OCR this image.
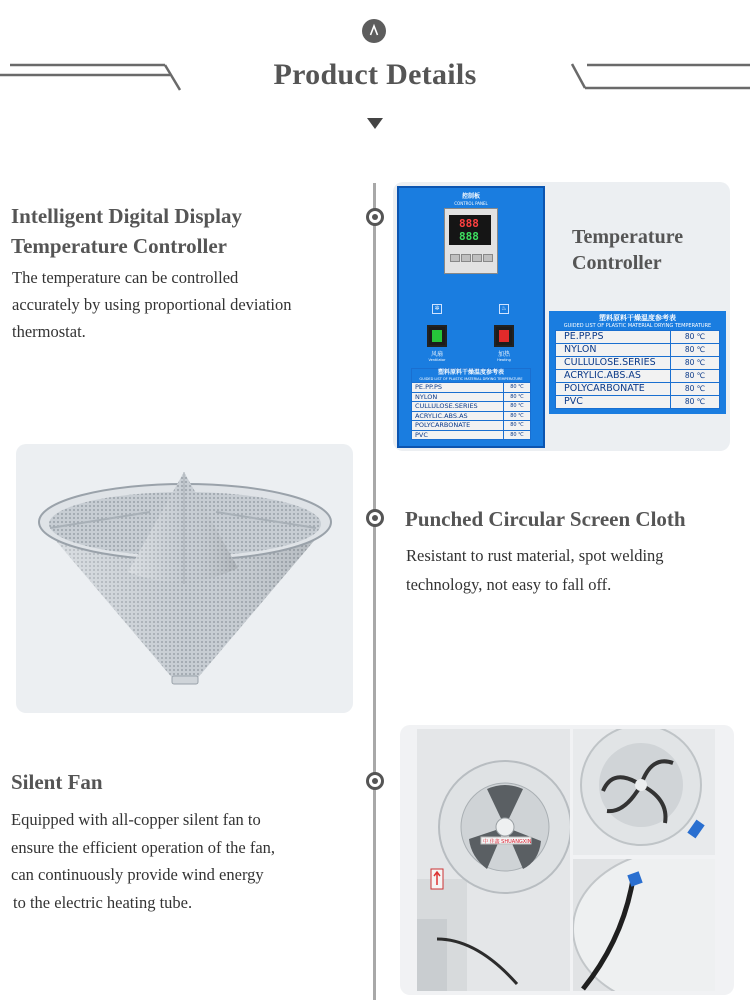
Product Details
Intelligent Digital Display
Temperature Controller
The temperature can be controlled
accurately by using proportional deviation
thermostat.
控制板
CONTROL PANEL
888
888
✲	♨
风扇
Ventilator
加热
Heating
塑料原料干燥温度参考表
GUIDED LIST OF PLASTIC MATERIAL DRYING TEMPERATURE
PE.PP.PS	80 ℃
NYLON	80 ℃
CULLULOSE.SERIES	80 ℃
ACRYLIC.ABS.AS	80 ℃
POLYCARBONATE	80 ℃
PVC	80 ℃
Temperature
Controller
塑料原料干燥温度参考表
GUIDED LIST OF PLASTIC MATERIAL DRYING TEMPERATURE
PE.PP.PS	80 ℃
NYLON	80 ℃
CULLULOSE.SERIES	80 ℃
ACRYLIC.ABS.AS	80 ℃
POLYCARBONATE	80 ℃
PVC	80 ℃
Punched Circular Screen Cloth
Resistant to rust material, spot welding
technology, not easy to fall off.
Silent Fan
Equipped with all-copper silent fan to
ensure the efficient operation of the fan,
can continuously provide wind energy
to the electric heating tube.
中 佳鑫 SHUANGXIN
